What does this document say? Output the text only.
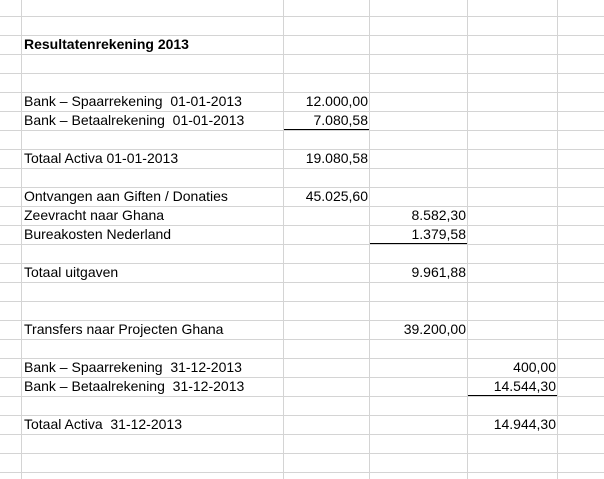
Resultatenrekening 2013
Bank – Spaarrekening  01-01-2013	12.000,00
Bank – Betaalrekening  01-01-2013	7.080,58
Totaal Activa 01-01-2013	19.080,58
Ontvangen aan Giften / Donaties	45.025,60
Zeevracht naar Ghana	8.582,30
Bureakosten Nederland	1.379,58
Totaal uitgaven	9.961,88
Transfers naar Projecten Ghana	39.200,00
Bank – Spaarrekening  31-12-2013	400,00
Bank – Betaalrekening  31-12-2013	14.544,30
Totaal Activa  31-12-2013	14.944,30
